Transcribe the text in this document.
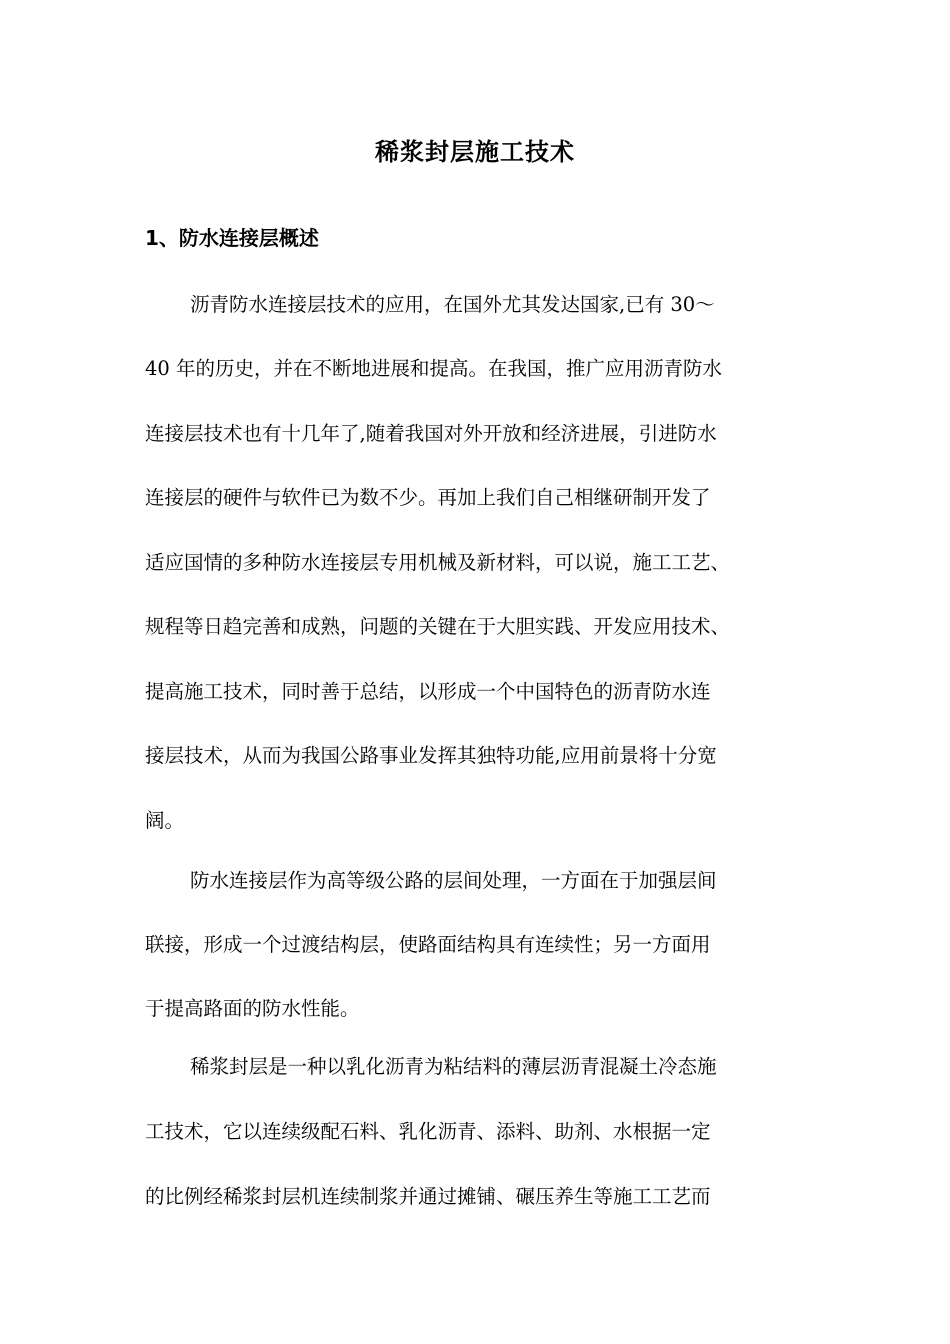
稀浆封层施工技术
1、防水连接层概述
沥青防水连接层技术的应用，在国外尤其发达国家,已有 30～
40 年的历史，并在不断地进展和提高。在我国，推广应用沥青防水
连接层技术也有十几年了,随着我国对外开放和经济进展，引进防水
连接层的硬件与软件已为数不少。再加上我们自己相继研制开发了
适应国情的多种防水连接层专用机械及新材料，可以说，施工工艺、
规程等日趋完善和成熟，问题的关键在于大胆实践、开发应用技术、
提高施工技术，同时善于总结，以形成一个中国特色的沥青防水连
接层技术，从而为我国公路事业发挥其独特功能,应用前景将十分宽
阔。
防水连接层作为高等级公路的层间处理，一方面在于加强层间
联接，形成一个过渡结构层，使路面结构具有连续性；另一方面用
于提高路面的防水性能。
稀浆封层是一种以乳化沥青为粘结料的薄层沥青混凝土冷态施
工技术，它以连续级配石料、乳化沥青、添料、助剂、水根据一定
的比例经稀浆封层机连续制浆并通过摊铺、碾压养生等施工工艺而
